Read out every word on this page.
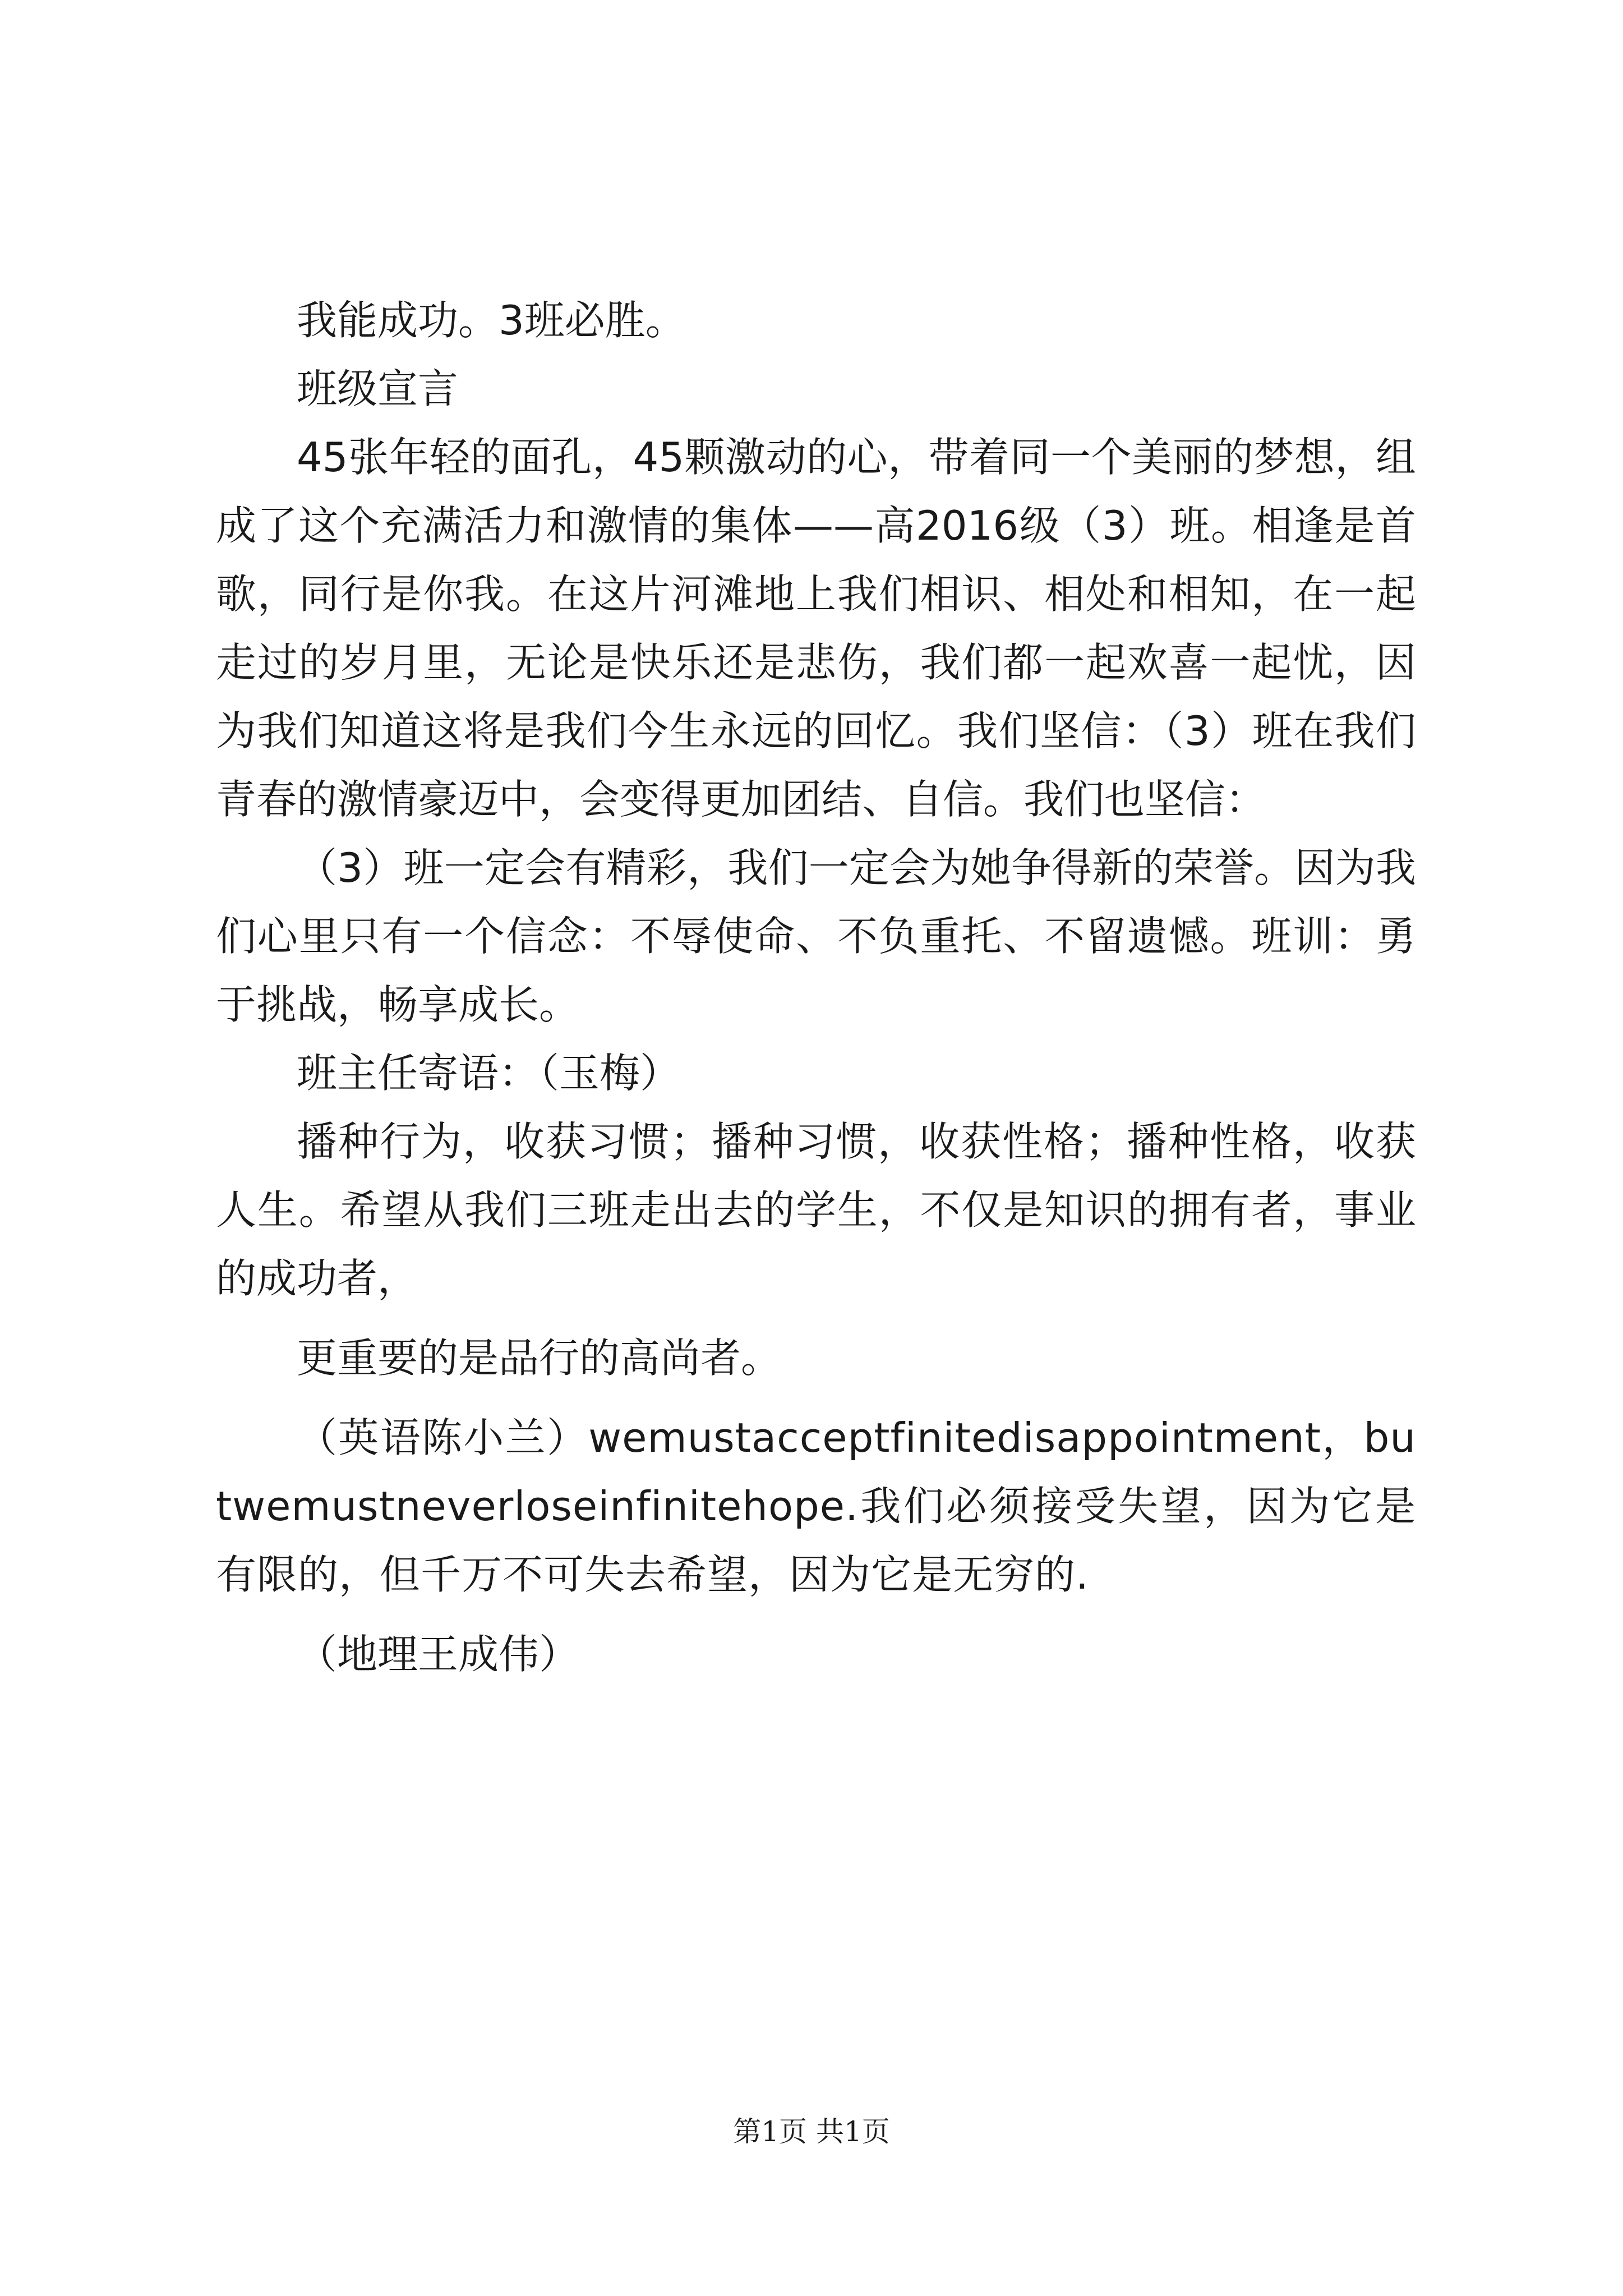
我能成功。3班必胜。

班级宣言

45张年轻的面孔，45颗激动的心，带着同一个美丽的梦想，组成了这个充满活力和激情的集体——高2016级（3）班。相逢是首歌，同行是你我。在这片河滩地上我们相识、相处和相知，在一起走过的岁月里，无论是快乐还是悲伤，我们都一起欢喜一起忧，因为我们知道这将是我们今生永远的回忆。我们坚信：（3）班在我们青春的激情豪迈中，会变得更加团结、自信。我们也坚信：

（3）班一定会有精彩，我们一定会为她争得新的荣誉。因为我们心里只有一个信念：不辱使命、不负重托、不留遗憾。班训：勇于挑战，畅享成长。

班主任寄语：（玉梅）

播种行为，收获习惯；播种习惯，收获性格；播种性格，收获人生。希望从我们三班走出去的学生，不仅是知识的拥有者，事业的成功者，

更重要的是品行的高尚者。

（英语陈小兰）wemustacceptfinitedisappointment，butwemustneverloseinfinitehope.我们必须接受失望，因为它是有限的，但千万不可失去希望，因为它是无穷的.

（地理王成伟）

第1页 共1页
